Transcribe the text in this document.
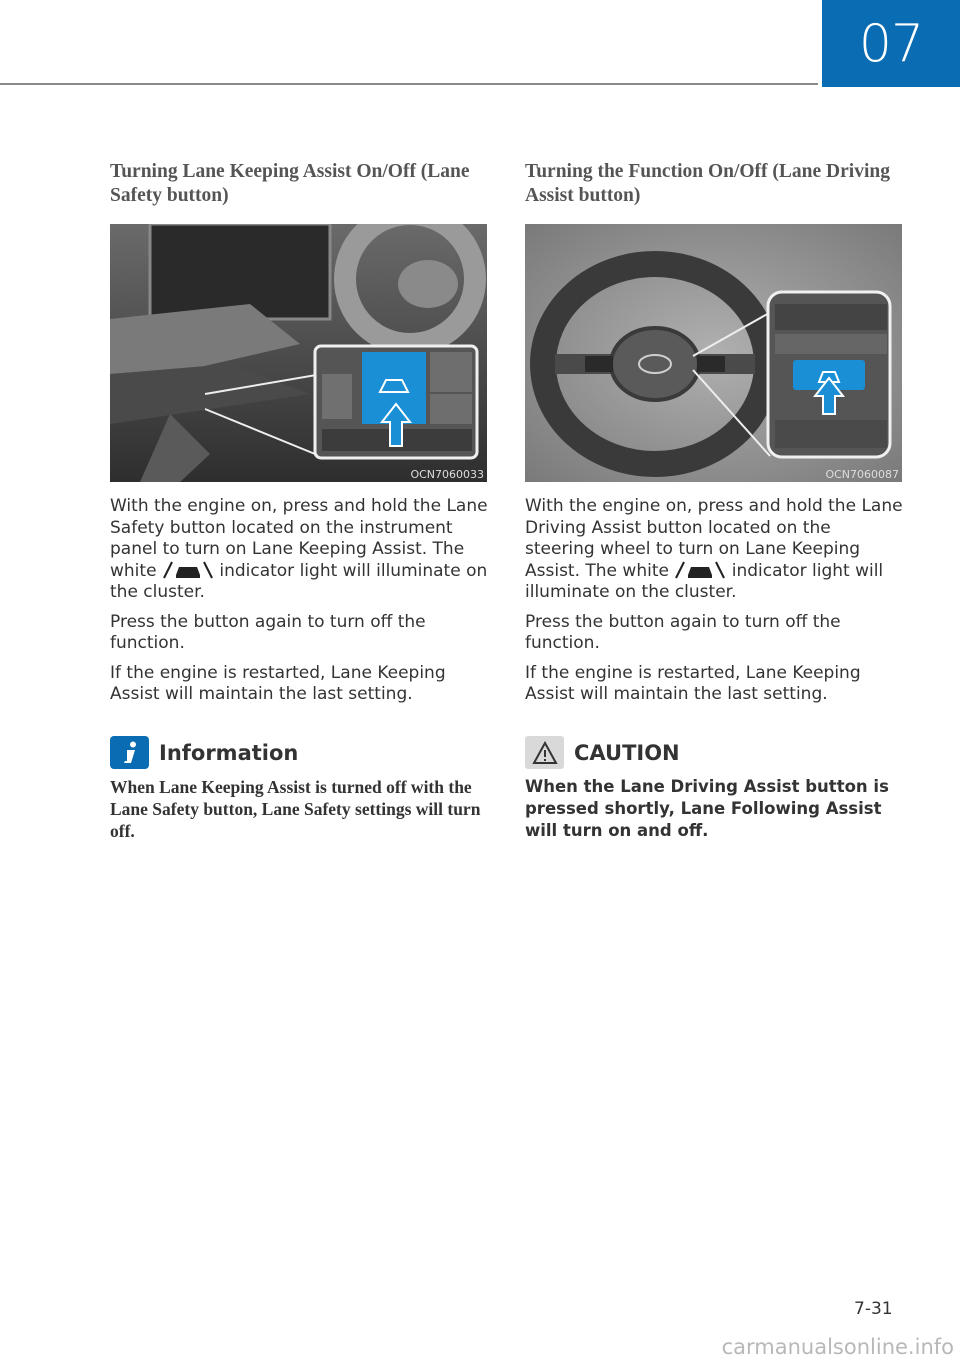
07
Turning Lane Keeping Assist On/Off (Lane Safety button)
OCN7060033

With the engine on, press and hold the Lane Safety button located on the instrument panel to turn on Lane Keeping Assist. The white	indicator light will illuminate on the cluster.

Press the button again to turn off the function.

If the engine is restarted, Lane Keeping Assist will maintain the last setting.

Information

When Lane Keeping Assist is turned off with the Lane Safety button, Lane Safety settings will turn off.

Turning the Function On/Off (Lane Driving Assist button)
OCN7060087

With the engine on, press and hold the Lane Driving Assist button located on the steering wheel to turn on Lane Keeping Assist. The white	indicator light will illuminate on the cluster.

Press the button again to turn off the function.

If the engine is restarted, Lane Keeping Assist will maintain the last setting.

CAUTION

When the Lane Driving Assist button is pressed shortly, Lane Following Assist will turn on and off.

7-31
carmanualsonline.info
